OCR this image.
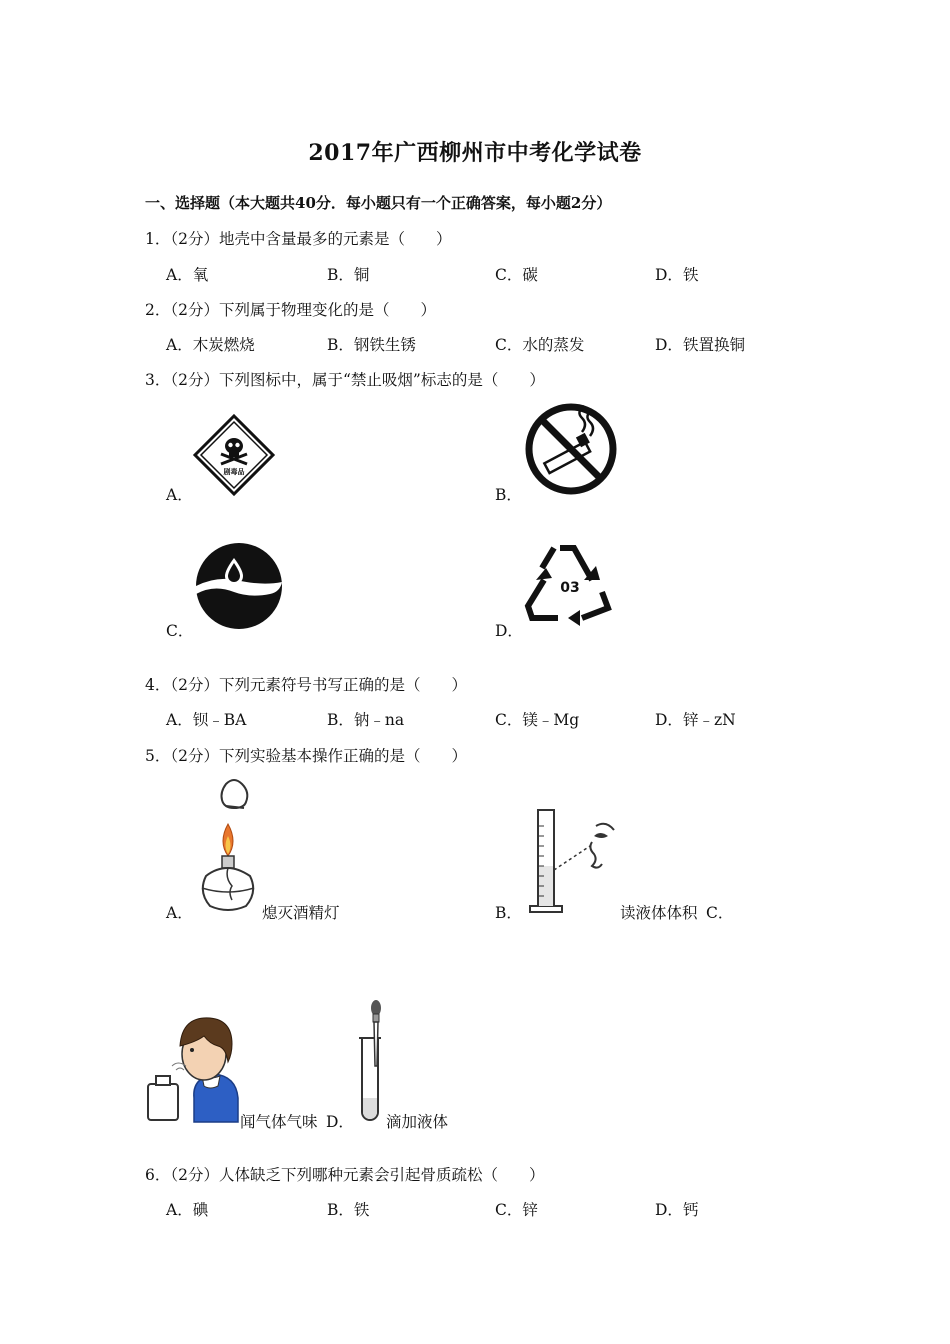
2017年广西柳州市中考化学试卷
一、选择题（本大题共40分．每小题只有一个正确答案，每小题2分）
1．（2分）地壳中含量最多的元素是（　　）
A．氧	B．铜	C．碳	D．铁
2．（2分）下列属于物理变化的是（　　）
A．木炭燃烧	B．钢铁生锈	C．水的蒸发	D．铁置换铜
3．（2分）下列图标中，属于“禁止吸烟”标志的是（　　）
A．
剧毒品
B．
C．	D．
03
4．（2分）下列元素符号书写正确的是（　　）
A．钡﹣BA	B．钠﹣na	C．镁﹣Mg	D．锌﹣zN
5．（2分）下列实验基本操作正确的是（　　）
A．	熄灭酒精灯	B．	读液体体积 C．
闻气体气味 D． 滴加液体
6．（2分）人体缺乏下列哪种元素会引起骨质疏松（　　）
A．碘	B．铁	C．锌	D．钙
